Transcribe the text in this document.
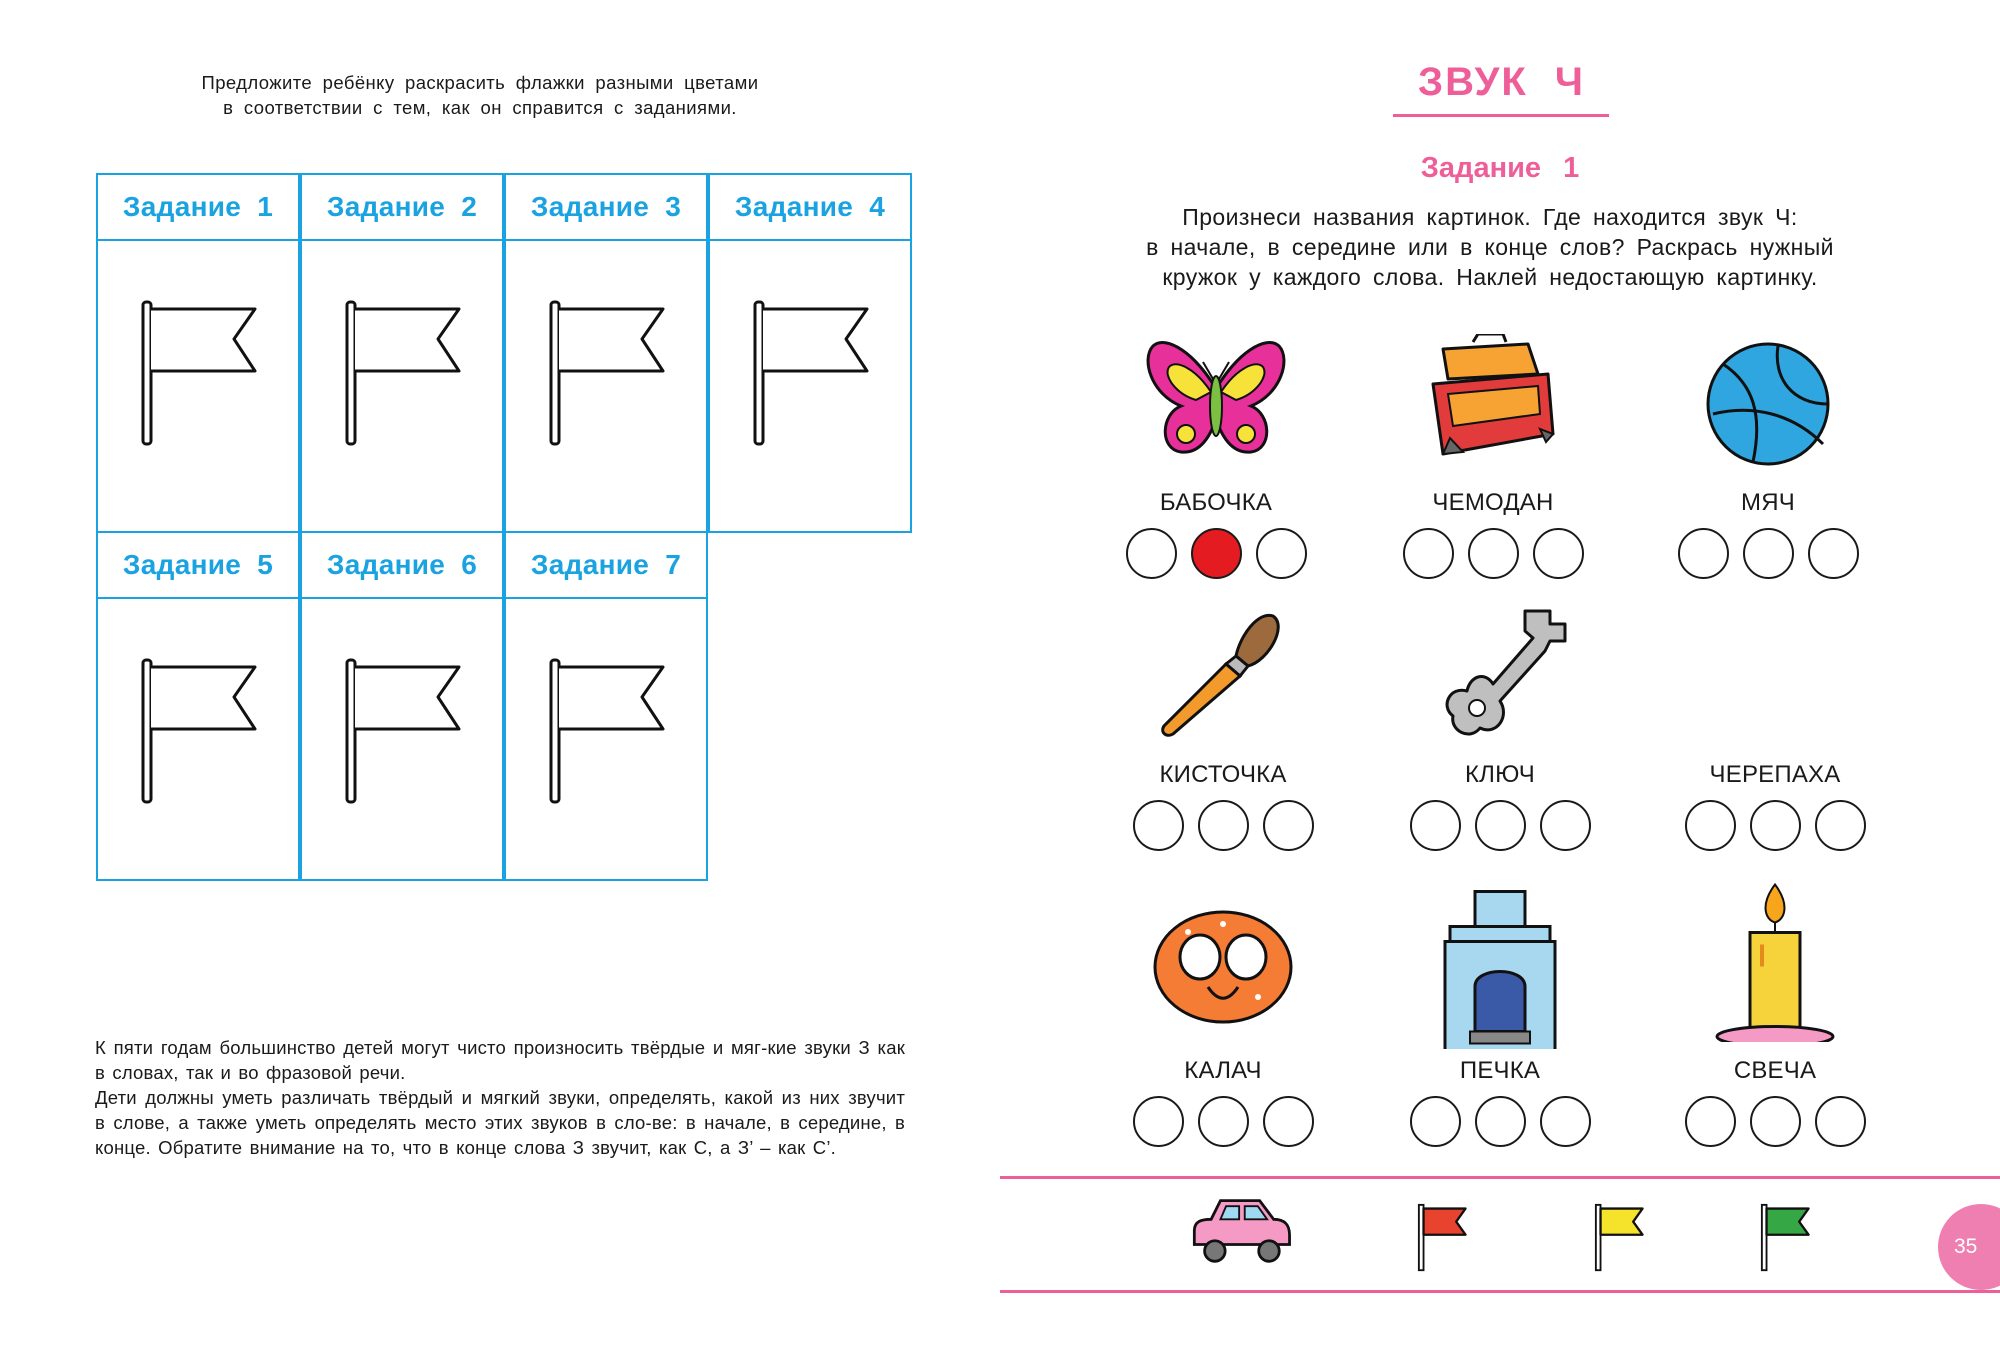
Предложите ребёнку раскрасить флажки разными цветами
в соответствии с тем, как он справится с заданиями.
Задание 1 Задание 2 Задание 3 Задание 4
Задание 5 Задание 6 Задание 7

К пяти годам большинство детей могут чисто произносить твёрдые и мяг-кие звуки З как в словах, так и во фразовой речи.

Дети должны уметь различать твёрдый и мягкий звуки, определять, какой из них звучит в слове, а также уметь определять место этих звуков в сло-ве: в начале, в середине, в конце. Обратите внимание на то, что в конце слова З звучит, как С, а З’ – как С’.

ЗВУК Ч
Задание 1
Произнеси названия картинок. Где находится звук Ч:
в начале, в середине или в конце слов? Раскрась нужный
кружок у каждого слова. Наклей недостающую картинку.
БАБОЧКА	ЧЕМОДАН	МЯЧ
КИСТОЧКА	КЛЮЧ	ЧЕРЕПАХА
КАЛАЧ	ПЕЧКА	СВЕЧА
35
